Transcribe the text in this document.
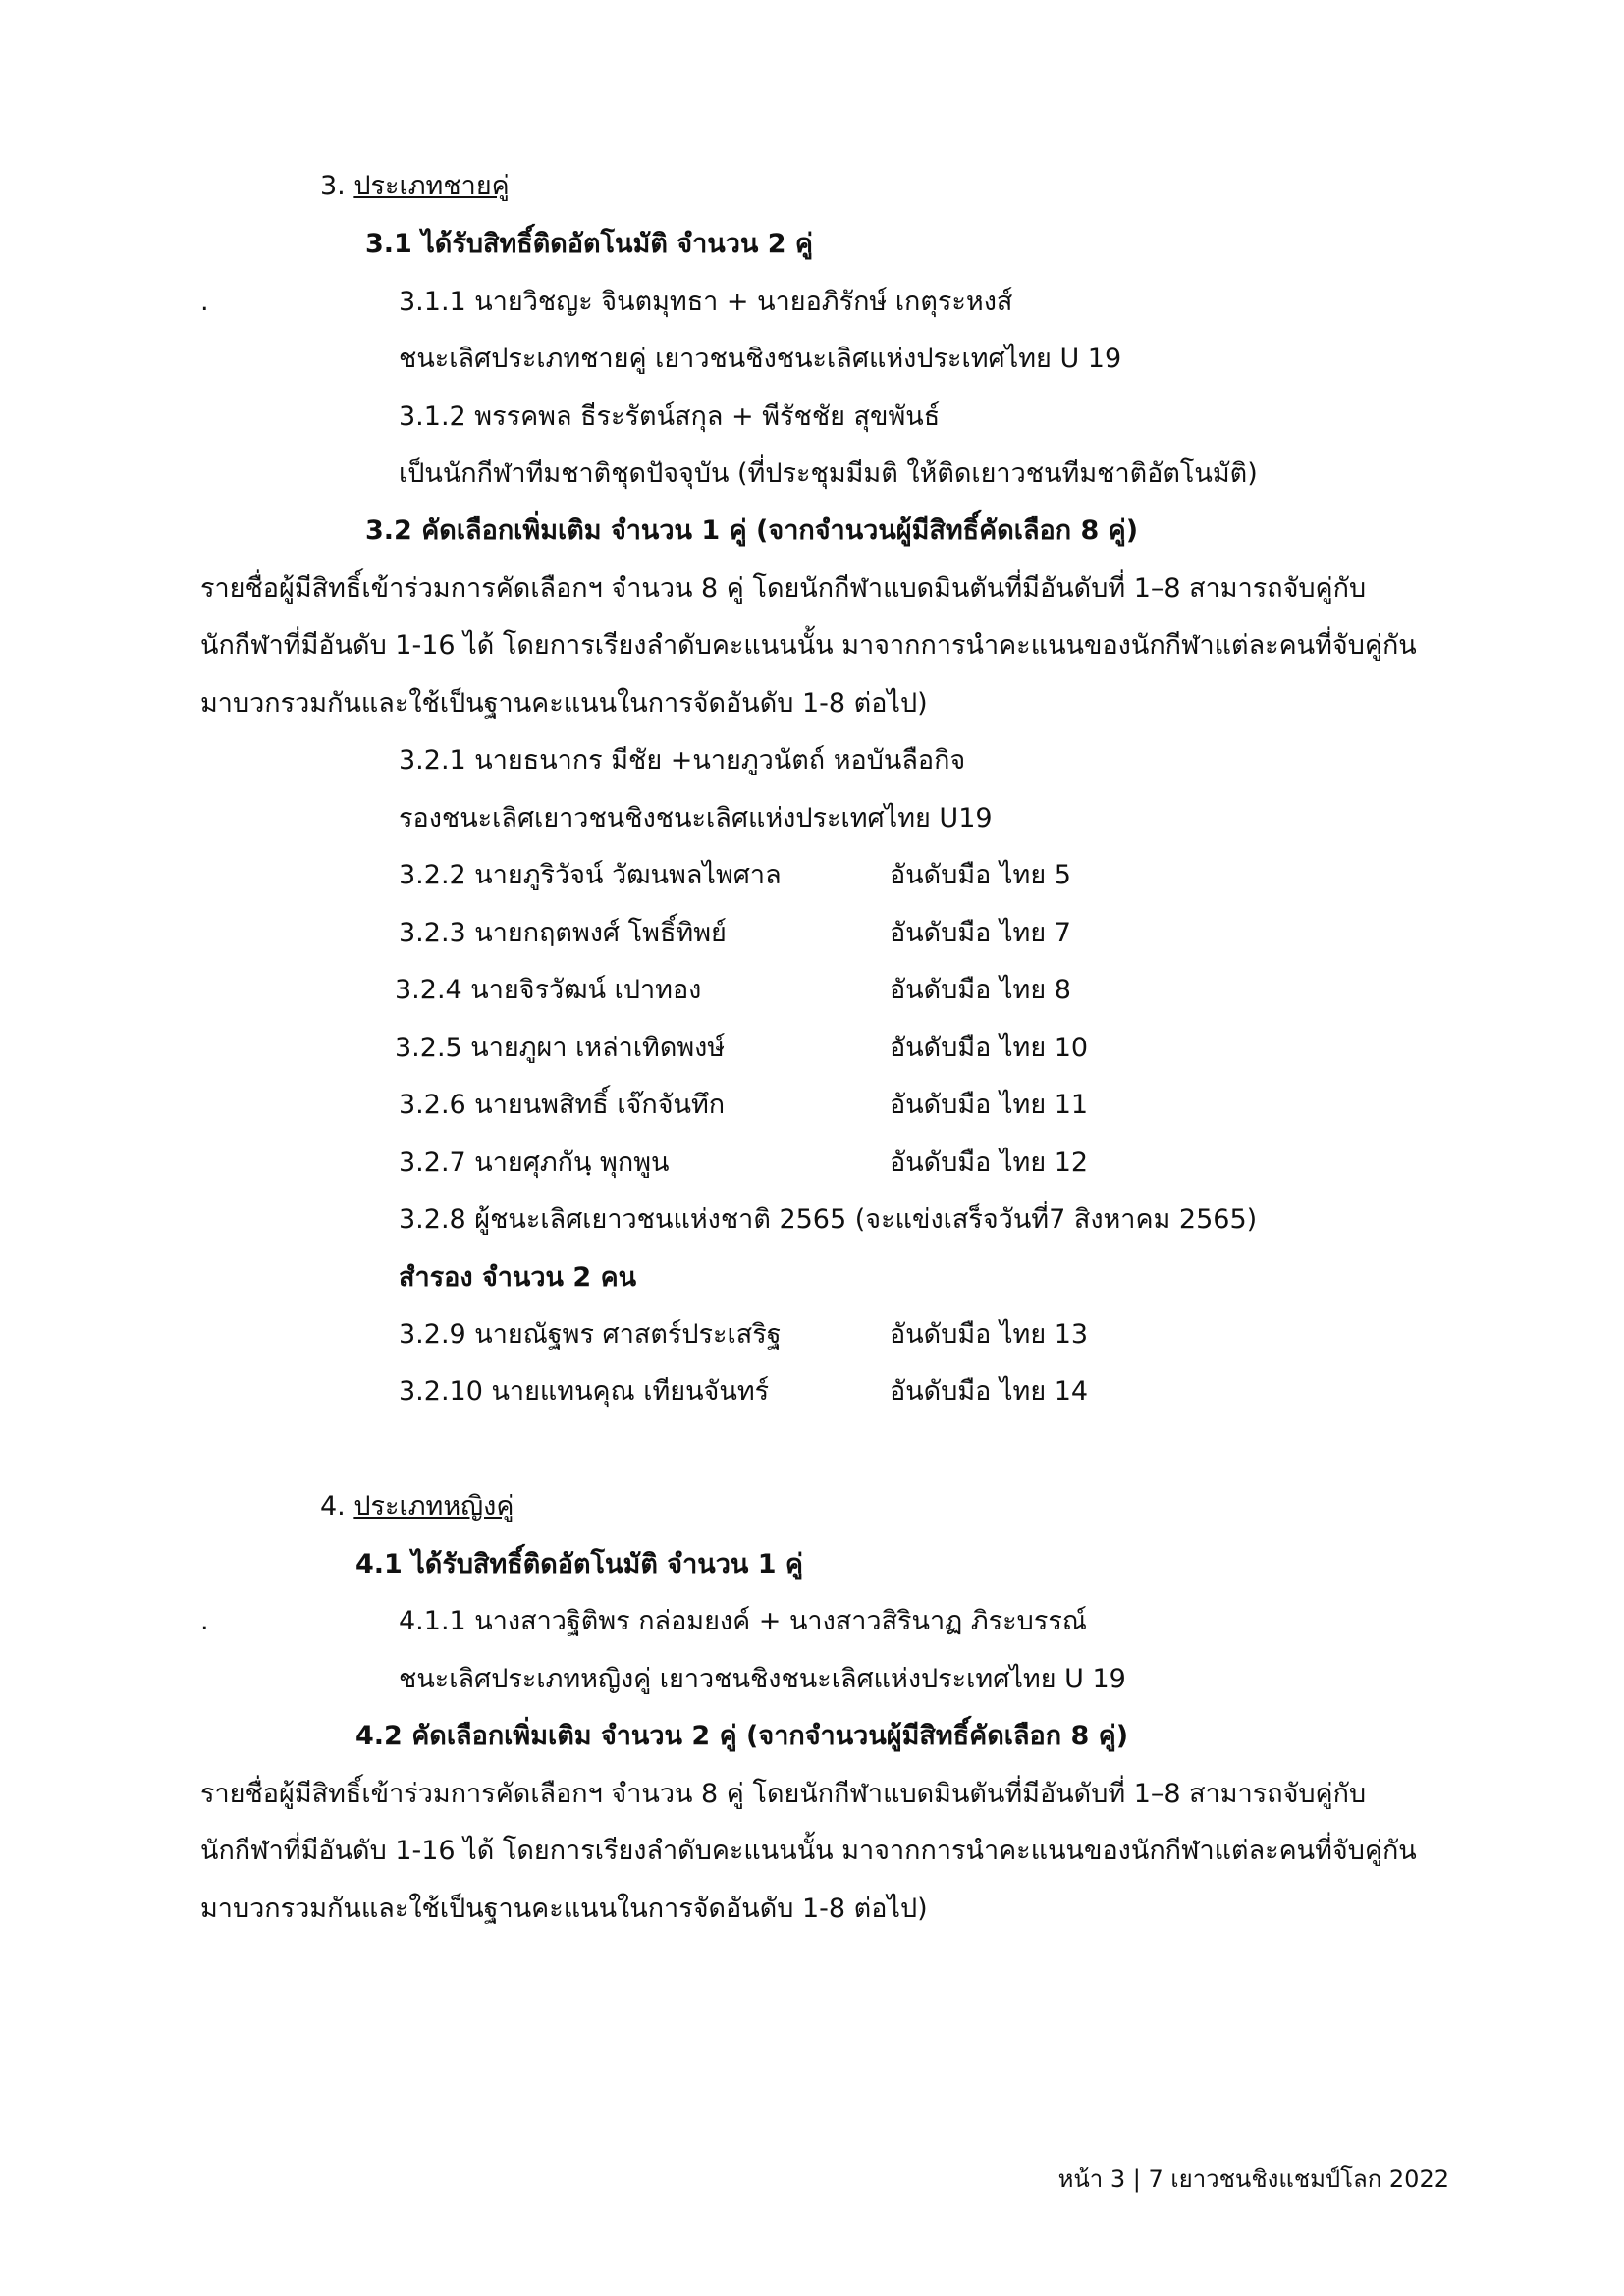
3. ประเภทชายคู่
3.1 ได้รับสิทธิ์ติดอัตโนมัติ จำนวน 2 คู่
.	3.1.1 นายวิชญะ จินตมุทธา + นายอภิรักษ์ เกตุระหงส์
ชนะเลิศประเภทชายคู่ เยาวชนชิงชนะเลิศแห่งประเทศไทย U 19
3.1.2 พรรคพล ธีระรัตน์สกุล + พีรัชชัย สุขพันธ์
เป็นนักกีฬาทีมชาติชุดปัจจุบัน (ที่ประชุมมีมติ ให้ติดเยาวชนทีมชาติอัตโนมัติ)
3.2 คัดเลือกเพิ่มเติม จำนวน 1 คู่ (จากจำนวนผู้มีสิทธิ์คัดเลือก 8 คู่)
รายชื่อผู้มีสิทธิ์เข้าร่วมการคัดเลือกฯ จำนวน 8 คู่ โดยนักกีฬาแบดมินตันที่มีอันดับที่ 1–8 สามารถจับคู่กับ
นักกีฬาที่มีอันดับ 1-16 ได้ โดยการเรียงลำดับคะแนนนั้น มาจากการนำคะแนนของนักกีฬาแต่ละคนที่จับคู่กัน
มาบวกรวมกันและใช้เป็นฐานคะแนนในการจัดอันดับ 1-8 ต่อไป)
3.2.1 นายธนากร มีชัย +นายภูวนัตถ์ หอบันลือกิจ
รองชนะเลิศเยาวชนชิงชนะเลิศแห่งประเทศไทย U19
3.2.2 นายภูริวัจน์ วัฒนพลไพศาล	อันดับมือ ไทย 5
3.2.3 นายกฤตพงศ์ โพธิ์ทิพย์	อันดับมือ ไทย 7
3.2.4 นายจิรวัฒน์ เปาทอง	อันดับมือ ไทย 8
3.2.5 นายภูผา เหล่าเทิดพงษ์	อันดับมือ ไทย 10
3.2.6 นายนพสิทธิ์ เจ๊กจันทึก	อันดับมือ ไทย 11
3.2.7 นายศุภกันฺ พุกพูน	อันดับมือ ไทย 12
3.2.8 ผู้ชนะเลิศเยาวชนแห่งชาติ 2565 (จะแข่งเสร็จวันที่7 สิงหาคม 2565)
สำรอง จำนวน 2 คน
3.2.9 นายณัฐพร ศาสตร์ประเสริฐ	อันดับมือ ไทย 13
3.2.10 นายแทนคุณ เทียนจันทร์	อันดับมือ ไทย 14
4. ประเภทหญิงคู่
4.1 ได้รับสิทธิ์ติดอัตโนมัติ จำนวน 1 คู่
.	4.1.1 นางสาวฐิติพร กล่อมยงค์ + นางสาวสิรินาฏ ภิระบรรณ์
ชนะเลิศประเภทหญิงคู่ เยาวชนชิงชนะเลิศแห่งประเทศไทย U 19
4.2 คัดเลือกเพิ่มเติม จำนวน 2 คู่ (จากจำนวนผู้มีสิทธิ์คัดเลือก 8 คู่)
รายชื่อผู้มีสิทธิ์เข้าร่วมการคัดเลือกฯ จำนวน 8 คู่ โดยนักกีฬาแบดมินตันที่มีอันดับที่ 1–8 สามารถจับคู่กับ
นักกีฬาที่มีอันดับ 1-16 ได้ โดยการเรียงลำดับคะแนนนั้น มาจากการนำคะแนนของนักกีฬาแต่ละคนที่จับคู่กัน
มาบวกรวมกันและใช้เป็นฐานคะแนนในการจัดอันดับ 1-8 ต่อไป)
หน้า 3 | 7 เยาวชนชิงแชมป์โลก 2022
